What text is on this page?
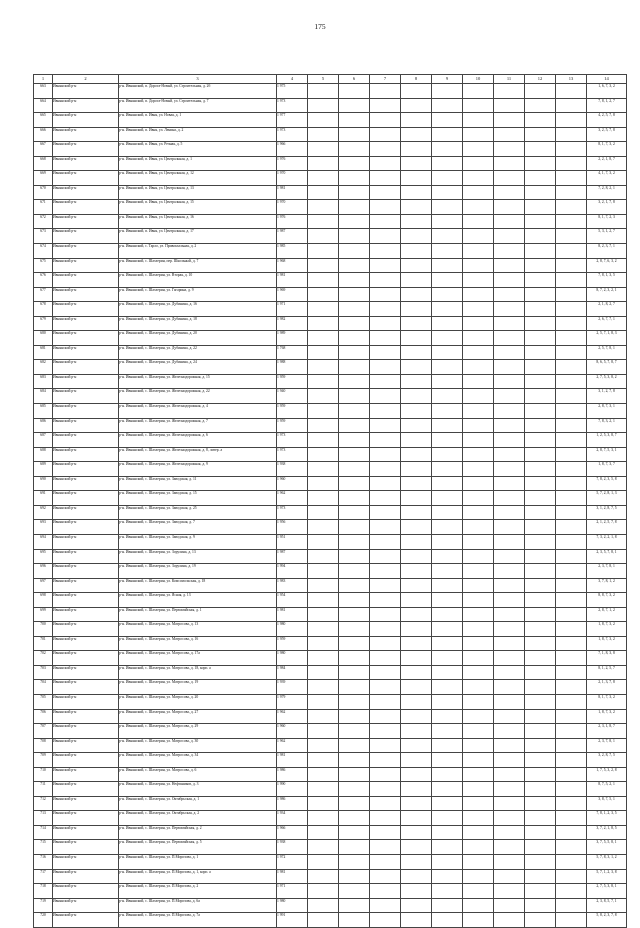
175
1	2	3	4	5	6	7	8	9	10	11	12	13	14
663	Ивнянский р-н	р-н. Ивнянский, п. Дорога-Новый, ул. Строительная, д. 2б	1 975										1, 6, 7, 3, 2
664	Ивнянский р-н	р-н. Ивнянский, п. Дорога-Новый, ул. Строительная, д. 7	1 973										7, 8, 1, 2, 7
665	Ивнянский р-н	р-н. Ивнянский, п. Ивня, ул. Новая, д. 1	1 977										4, 2, 5, 7, 8
666	Ивнянский р-н	р-н. Ивнянский, п. Ивня, ул. Ленина, д. 2	1 973										3, 2, 5, 7, 8
667	Ивнянский р-н	р-н. Ивнянский, п. Ивня, ул. Речная, д. 5	1 966										8, 1, 7, 3, 2
668	Ивнянский р-н	р-н. Ивнянский, п. Ивня, ул. Центральная, д. 1	1 976										2, 2, 1, 8, 7
669	Ивнянский р-н	р-н. Ивнянский, п. Ивня, ул. Центральная, д. 12	1 970										4, 1, 7, 3, 2
670	Ивнянский р-н	р-н. Ивнянский, п. Ивня, ул. Центральная, д. 13	1 981										7, 2, 8, 2, 1
671	Ивнянский р-н	р-н. Ивнянский, п. Ивня, ул. Центральная, д. 15	1 970										3, 2, 1, 7, 8
672	Ивнянский р-н	р-н. Ивнянский, п. Ивня, ул. Центральная, д. 16	1 976										8, 1, 7, 2, 3
673	Ивнянский р-н	р-н. Ивнянский, п. Ивня, ул. Центральная, д. 17	1 987										5, 3, 1, 2, 7
674	Ивнянский р-н	р-н. Ивнянский, с. Тарло, ул. Привокзальная, д. 2	1 985										8, 2, 3, 7, 1
675	Ивнянский р-н	р-н. Ивнянский, с. Шахзерин, пер. Школьный, д. 7	1 968										2, 8, 7, 6, 3, 2
676	Ивнянский р-н	р-н. Ивнянский, с. Шахзерин, ул. Вторая, д. 10	1 981										7, 8, 1, 3, 5
677	Ивнянский р-н	р-н. Ивнянский, с. Шахзерин, ул. Гагарина, д. 9	1 969										8, 7, 2, 3, 2, 1
678	Ивнянский р-н	р-н. Ивнянский, с. Шахзерин, ул. Дубинина, д. 16	1 971										2, 1, 8, 2, 7
679	Ивнянский р-н	р-н. Ивнянский, с. Шахзерин, ул. Дубинина, д. 18	1 982										2, 6, 7, 7, 1
680	Ивнянский р-н	р-н. Ивнянский, с. Шахзерин, ул. Дубинина, д. 20	1 989										2, 5, 7, 1, 8, 3
681	Ивнянский р-н	р-н. Ивнянский, с. Шахзерин, ул. Дубинина, д. 22	1 768										2, 5, 7, 8, 1
682	Ивнянский р-н	р-н. Ивнянский, с. Шахзерин, ул. Дубинина, д. 24	1 988										8, 6, 5, 7, 8, 7
683	Ивнянский р-н	р-н. Ивнянский, с. Шахзерин, ул. Железнодорожная, д. 15	1 959										2, 7, 5, 3, 8, 2
684	Ивнянский р-н	р-н. Ивнянский, с. Шахзерин, ул. Железнодорожная, д. 22	1 940										3, 1, 2, 7, 8
685	Ивнянский р-н	р-н. Ивнянский, с. Шахзерин, ул. Железнодорожная, д. 4	1 959										2, 8, 7, 3, 1
686	Ивнянский р-н	р-н. Ивнянский, с. Шахзерин, ул. Железнодорожная, д. 7	1 959										7, 8, 3, 2, 1
687	Ивнянский р-н	р-н. Ивнянский, с. Шахзерин, ул. Железнодорожная, д. 6	1 973										1, 2, 5, 3, 8, 7
688	Ивнянский р-н	р-н. Ивнянский, с. Шахзерин, ул. Железнодорожная, д. 8, литер. а	1 973										2, 8, 7, 5, 3, 1
689	Ивнянский р-н	р-н. Ивнянский, с. Шахзерин, ул. Железнодорожная, д. 9	1 938										1, 8, 7, 3, 7
690	Ивнянский р-н	р-н. Ивнянский, с. Шахзерин, ул. Заводская, д. 11	1 960										7, 8, 2, 3, 5, 8
691	Ивнянский р-н	р-н. Ивнянский, с. Шахзерин, ул. Заводская, д. 15	1 962										5, 7, 2, 8, 1, 3
692	Ивнянский р-н	р-н. Ивнянский, с. Шахзерин, ул. Заводская, д. 25	1 973										3, 1, 2, 8, 7, 5
693	Ивнянский р-н	р-н. Ивнянский, с. Шахзерин, ул. Заводская, д. 7	1 956										2, 1, 2, 5, 7, 8
694	Ивнянский р-н	р-н. Ивнянский, с. Шахзерин, ул. Заводская, д. 9	1 951										7, 3, 2, 2, 1, 8
695	Ивнянский р-н	р-н. Ивнянский, с. Шахзерин, ул. Зорулина, д. 13	1 987										2, 3, 5, 7, 8, 1
696	Ивнянский р-н	р-н. Ивнянский, с. Шахзерин, ул. Зорулина, д. 19	1 994										2, 3, 7, 8, 1
697	Ивнянский р-н	р-н. Ивнянский, с. Шахзерин, ул. Комсомольская, д. 18	1 983										3, 7, 8, 1, 2
698	Ивнянский р-н	р-н. Ивнянский, с. Шахзерин, ул. Ясная, д. 13	1 954										8, 8, 7, 3, 2
699	Ивнянский р-н	р-н. Ивнянский, с. Шахзерин, ул. Первомайская, д. 1	1 981										2, 8, 7, 1, 2
700	Ивнянский р-н	р-н. Ивнянский, с. Шахзерин, ул. Матросова, д. 13	1 980										1, 8, 7, 3, 2
701	Ивнянский р-н	р-н. Ивнянский, с. Шахзерин, ул. Матросова, д. 16	1 959										1, 8, 7, 3, 2
702	Ивнянский р-н	р-н. Ивнянский, с. Шахзерин, ул. Матросова, д. 17а	1 980										7, 1, 8, 3, 8
703	Ивнянский р-н	р-н. Ивнянский, с. Шахзерин, ул. Матросова, д. 18, корп. а	1 984										8, 1, 2, 5, 7
704	Ивнянский р-н	р-н. Ивнянский, с. Шахзерин, ул. Матросова, д. 19	1 939										2, 1, 3, 7, 8
705	Ивнянский р-н	р-н. Ивнянский, с. Шахзерин, ул. Матросова, д. 20	1 979										8, 1, 7, 3, 2
706	Ивнянский р-н	р-н. Ивнянский, с. Шахзерин, ул. Матросова, д. 27	1 962										1, 8, 7, 3, 2
707	Ивнянский р-н	р-н. Ивнянский, с. Шахзерин, ул. Матросова, д. 29	1 960										2, 3, 1, 8, 7
708	Ивнянский р-н	р-н. Ивнянский, с. Шахзерин, ул. Матросова, д. 30	1 962										2, 3, 7, 8, 1
709	Ивнянский р-н	р-н. Ивнянский, с. Шахзерин, ул. Матросова, д. 34	1 981										3, 2, 8, 7, 5
710	Ивнянский р-н	р-н. Ивнянский, с. Шахзерин, ул. Матросова, д. 6	1 986										1, 7, 5, 3, 2, 8
711	Ивнянский р-н	р-н. Ивнянский, с. Шахзерин, ул. Нефтяников, д. 3	1 990										8, 7, 5, 2, 1
712	Ивнянский р-н	р-н. Ивнянский, с. Шахзерин, ул. Октябрьская, д. 1	1 986										3, 8, 7, 5, 1
713	Ивнянский р-н	р-н. Ивнянский, с. Шахзерин, ул. Октябрьская, д. 2	1 934										7, 8, 1, 2, 3, 5
714	Ивнянский р-н	р-н. Ивнянский, с. Шахзерин, ул. Первомайская, д. 2	1 966										3, 7, 2, 1, 8, 5
715	Ивнянский р-н	р-н. Ивнянский, с. Шахзерин, ул. Первомайская, д. 5	1 938										3, 7, 5, 5, 8, 1
716	Ивнянский р-н	р-н. Ивнянский, с. Шахзерин, ул. П.Морозова, д. 1	1 972										5, 7, 8, 3, 1, 2
717	Ивнянский р-н	р-н. Ивнянский, с. Шахзерин, ул. П.Морозова, д. 1, корп. а	1 981										5, 7, 1, 2, 3, 8
718	Ивнянский р-н	р-н. Ивнянский, с. Шахзерин, ул. П.Морозова, д. 2	1 971										2, 7, 5, 3, 8, 1
719	Ивнянский р-н	р-н. Ивнянский, с. Шахзерин, ул. П.Морозова, д. 6а	1 980										2, 3, 8, 5, 7, 1
720	Ивнянский р-н	р-н. Ивнянский, с. Шахзерин, ул. П.Морозова, д. 7а	1 991										5, 8, 2, 3, 7, 8
